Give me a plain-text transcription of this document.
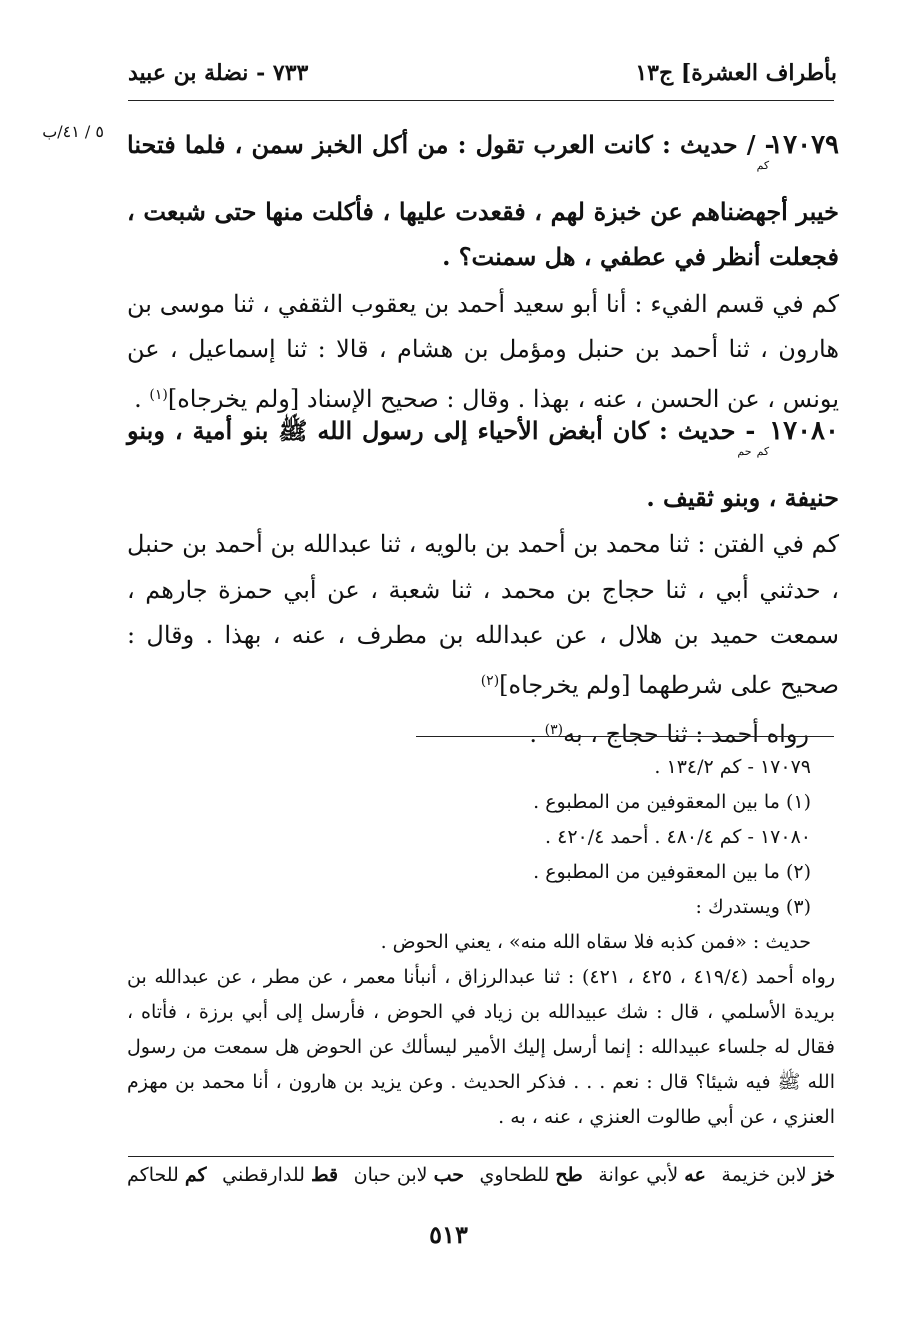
بأطراف العشرة] ج١٣
٧٣٣ - نضلة بن عبيد
٥ / ٤١/ب	$١٧٠٧٩_{كم}-$ / حديث : كانت العرب تقول : من أكل الخبز سمن ، فلما فتحنا خيبر أجهضناهم عن خبزة لهم ، فقعدت عليها ، فأكلت منها حتى شبعت ، فجعلت أنظر في عطفي ، هل سمنت؟ .
كم في قسم الفيء : أنا أبو سعيد أحمد بن يعقوب الثقفي ، ثنا موسى بن هارون ، ثنا أحمد بن حنبل ومؤمل بن هشام ، قالا : ثنا إسماعيل ، عن يونس ، عن الحسن ، عنه ، بهذا . وقال : صحيح الإسناد [ولم يخرجاه]$^{(١)}$ .
$١٧٠٨٠_{كم حم}-$ حديث : كان أبغض الأحياء إلى رسول الله ﷺ بنو أمية ، وبنو حنيفة ، وبنو ثقيف .
كم في الفتن : ثنا محمد بن أحمد بن بالويه ، ثنا عبدالله بن أحمد بن حنبل ، حدثني أبي ، ثنا حجاج بن محمد ، ثنا شعبة ، عن أبي حمزة جارهم ، سمعت حميد بن هلال ، عن عبدالله بن مطرف ، عنه ، بهذا . وقال : صحيح على شرطهما [ولم يخرجاه]$^{(٢)}$
رواه أحمد : ثنا حجاج ، به$^{(٣)}$ .
١٧٠٧٩ - كم ١٣٤/٢ .
(١) ما بين المعقوفين من المطبوع .
١٧٠٨٠ - كم ٤٨٠/٤ . أحمد ٤٢٠/٤ .
(٢) ما بين المعقوفين من المطبوع .
(٣) ويستدرك :
حديث : «فمن كذبه فلا سقاه الله منه» ، يعني الحوض .
رواه أحمد (٤١٩/٤ ، ٤٢٥ ، ٤٢١) : ثنا عبدالرزاق ، أنبأنا معمر ، عن مطر ، عن عبدالله بن بريدة الأسلمي ، قال : شك عبيدالله بن زياد في الحوض ، فأرسل إلى أبي برزة ، فأتاه ، فقال له جلساء عبيدالله : إنما أرسل إليك الأمير ليسألك عن الحوض هل سمعت من رسول الله ﷺ فيه شيئا؟ قال : نعم . . . فذكر الحديث . وعن يزيد بن هارون ، أنا محمد بن مهزم العنزي ، عن أبي طالوت العنزي ، عنه ، به .
خز لابن خزيمة
عه لأبي عوانة
طح للطحاوي
حب لابن حبان
قط للدارقطني
كم للحاكم
٥١٣
